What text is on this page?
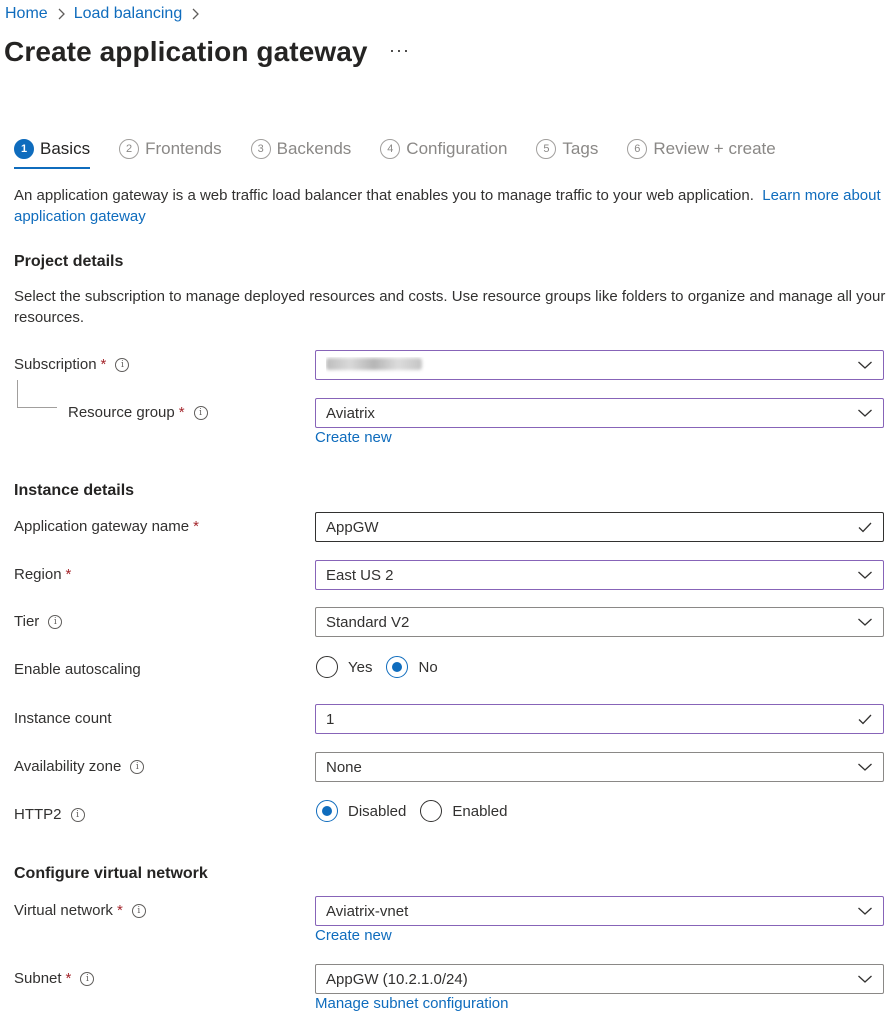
Home Load balancing
Create application gateway ···
1 Basics	2 Frontends	3 Backends	4 Configuration	5 Tags	6 Review + create

An application gateway is a web traffic load balancer that enables you to manage traffic to your web application. Learn more about application gateway

Project details

Select the subscription to manage deployed resources and costs. Use resource groups like folders to organize and manage all your resources.

Subscription *	i
Resource group *	i	Aviatrix
Create new
Instance details
Application gateway name *	AppGW
Region *	East US 2
Tier	i	Standard V2
Enable autoscaling	Yes	No
Instance count	1
Availability zone	i	None
HTTP2	i	Disabled	Enabled
Configure virtual network
Virtual network *	i	Aviatrix-vnet
Create new
Subnet *	i	AppGW (10.2.1.0/24)
Manage subnet configuration
